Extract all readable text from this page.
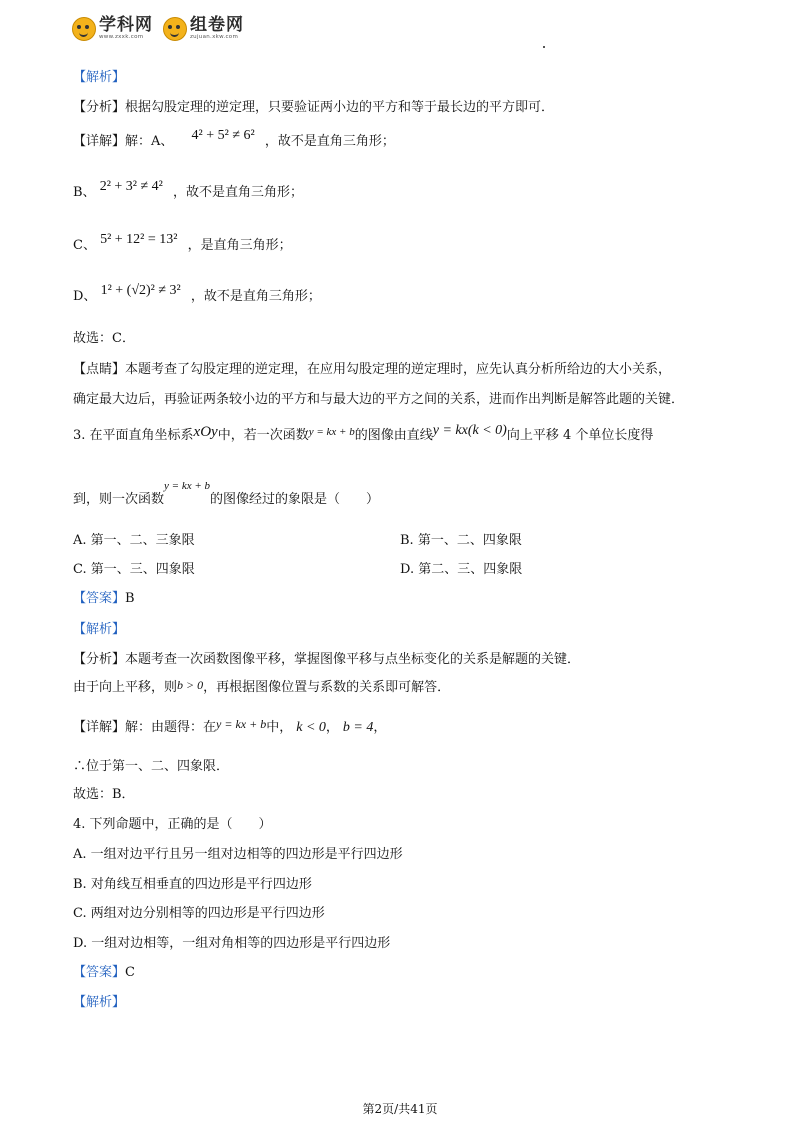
学科网
www.zxxk.com
组卷网
zujuan.xkw.com
【解析】
【分析】根据勾股定理的逆定理，只要验证两小边的平方和等于最长边的平方即可．
【详解】解：A、 4² + 5² ≠ 6² ，故不是直角三角形；
B、 2² + 3² ≠ 4² ，故不是直角三角形；
C、 5² + 12² = 13² ，是直角三角形；
D、 1² + (√2)² ≠ 3² ，故不是直角三角形；
故选：C．
【点睛】本题考查了勾股定理的逆定理，在应用勾股定理的逆定理时，应先认真分析所给边的大小关系，
确定最大边后，再验证两条较小边的平方和与最大边的平方之间的关系，进而作出判断是解答此题的关键．
3. 在平面直角坐标系xOy中，若一次函数$^{y = kx + b}$的图像由直线y = kx(k < 0)向上平移 4 个单位长度得
到，则一次函数$^{y = kx + b}$的图像经过的象限是（　　）
A. 第一、二、三象限	B. 第一、二、四象限
C. 第一、三、四象限	D. 第二、三、四象限
【答案】B
【解析】
【分析】本题考查一次函数图像平移，掌握图像平移与点坐标变化的关系是解题的关键．
由于向上平移，则b > 0，再根据图像位置与系数的关系即可解答．
【详解】解：由题得：在y = kx + b中， k < 0， b = 4，
∴位于第一、二、四象限．
故选：B．
4. 下列命题中，正确的是（　　）
A. 一组对边平行且另一组对边相等的四边形是平行四边形
B. 对角线互相垂直的四边形是平行四边形
C. 两组对边分别相等的四边形是平行四边形
D. 一组对边相等，一组对角相等的四边形是平行四边形
【答案】C
【解析】
第2页/共41页
